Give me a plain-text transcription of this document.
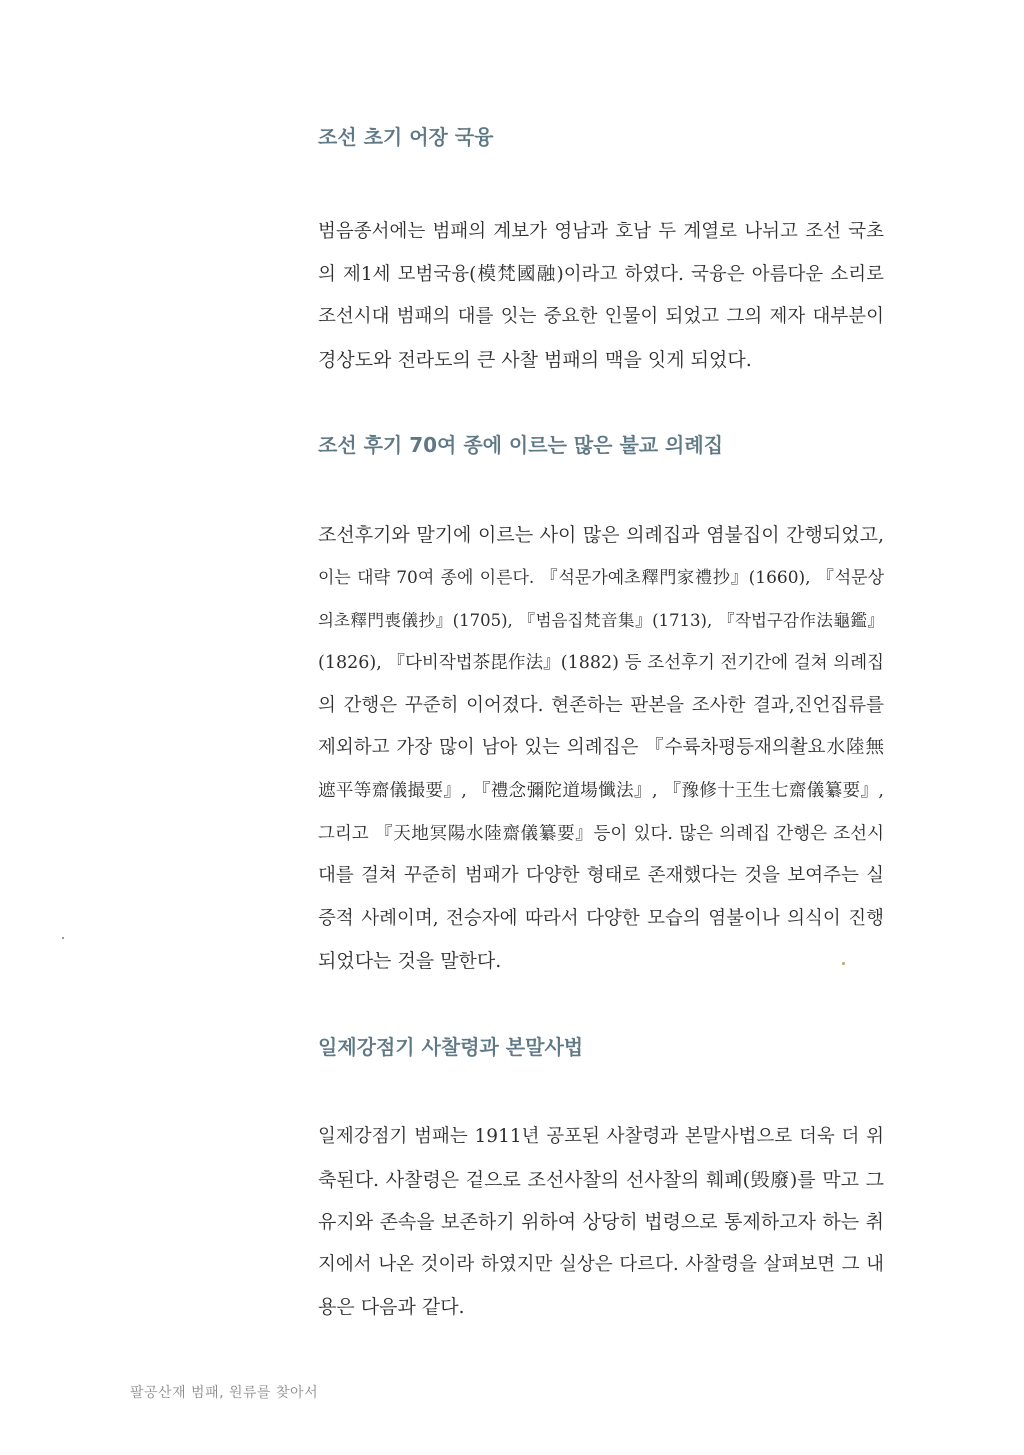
조선 초기 어장 국융

범음종서에는 범패의 계보가 영남과 호남 두 계열로 나뉘고 조선 국초
의 제1세 모범국융(模梵國融)이라고 하였다. 국융은 아름다운 소리로
조선시대 범패의 대를 잇는 중요한 인물이 되었고 그의 제자 대부분이
경상도와 전라도의 큰 사찰 범패의 맥을 잇게 되었다.

조선 후기 70여 종에 이르는 많은 불교 의례집

조선후기와 말기에 이르는 사이 많은 의례집과 염불집이 간행되었고,
이는 대략 70여 종에 이른다. 『석문가예초釋門家禮抄』(1660), 『석문상
의초釋門喪儀抄』(1705), 『범음집梵音集』(1713), 『작법구감作法龜鑑』
(1826), 『다비작법茶毘作法』(1882) 등 조선후기 전기간에 걸쳐 의례집
의 간행은 꾸준히 이어졌다. 현존하는 판본을 조사한 결과,진언집류를
제외하고 가장 많이 남아 있는 의례집은 『수륙차평등재의촬요水陸無
遮平等齋儀撮要』, 『禮念彌陀道場懺法』, 『豫修十王生七齋儀纂要』,
그리고 『天地冥陽水陸齋儀纂要』등이 있다. 많은 의례집 간행은 조선시
대를 걸쳐 꾸준히 범패가 다양한 형태로 존재했다는 것을 보여주는 실
증적 사례이며, 전승자에 따라서 다양한 모습의 염불이나 의식이 진행
되었다는 것을 말한다.

일제강점기 사찰령과 본말사법

일제강점기 범패는 1911년 공포된 사찰령과 본말사법으로 더욱 더 위
축된다. 사찰령은 겉으로 조선사찰의 선사찰의 훼폐(毁廢)를 막고 그
유지와 존속을 보존하기 위하여 상당히 법령으로 통제하고자 하는 취
지에서 나온 것이라 하였지만 실상은 다르다. 사찰령을 살펴보면 그 내
용은 다음과 같다.

팔공산재 범패, 원류를 찾아서
